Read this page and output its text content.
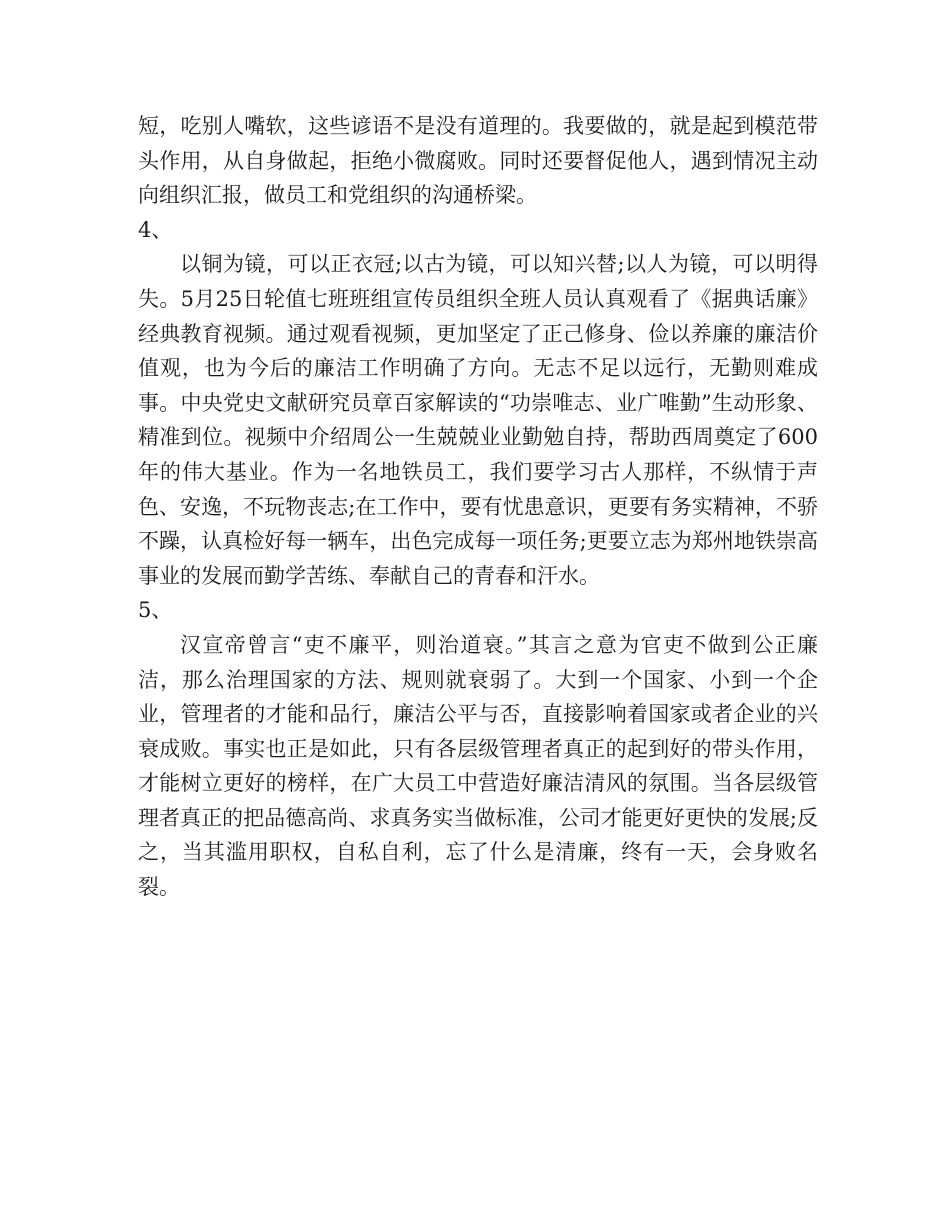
短，吃别人嘴软，这些谚语不是没有道理的。我要做的，就是起到模范带头作用，从自身做起，拒绝小微腐败。同时还要督促他人，遇到情况主动向组织汇报，做员工和党组织的沟通桥梁。

4、

以铜为镜，可以正衣冠;以古为镜，可以知兴替;以人为镜，可以明得失。5月25日轮值七班班组宣传员组织全班人员认真观看了《据典话廉》经典教育视频。通过观看视频，更加坚定了正己修身、俭以养廉的廉洁价值观，也为今后的廉洁工作明确了方向。无志不足以远行，无勤则难成事。中央党史文献研究员章百家解读的“功崇唯志、业广唯勤”生动形象、精准到位。视频中介绍周公一生兢兢业业勤勉自持，帮助西周奠定了600年的伟大基业。作为一名地铁员工，我们要学习古人那样，不纵情于声色、安逸，不玩物丧志;在工作中，要有忧患意识，更要有务实精神，不骄不躁，认真检好每一辆车，出色完成每一项任务;更要立志为郑州地铁崇高事业的发展而勤学苦练、奉献自己的青春和汗水。

5、

汉宣帝曾言“吏不廉平，则治道衰。”其言之意为官吏不做到公正廉洁，那么治理国家的方法、规则就衰弱了。大到一个国家、小到一个企业，管理者的才能和品行，廉洁公平与否，直接影响着国家或者企业的兴衰成败。事实也正是如此，只有各层级管理者真正的起到好的带头作用，才能树立更好的榜样，在广大员工中营造好廉洁清风的氛围。当各层级管理者真正的把品德高尚、求真务实当做标准，公司才能更好更快的发展;反之，当其滥用职权，自私自利，忘了什么是清廉，终有一天，会身败名裂。
